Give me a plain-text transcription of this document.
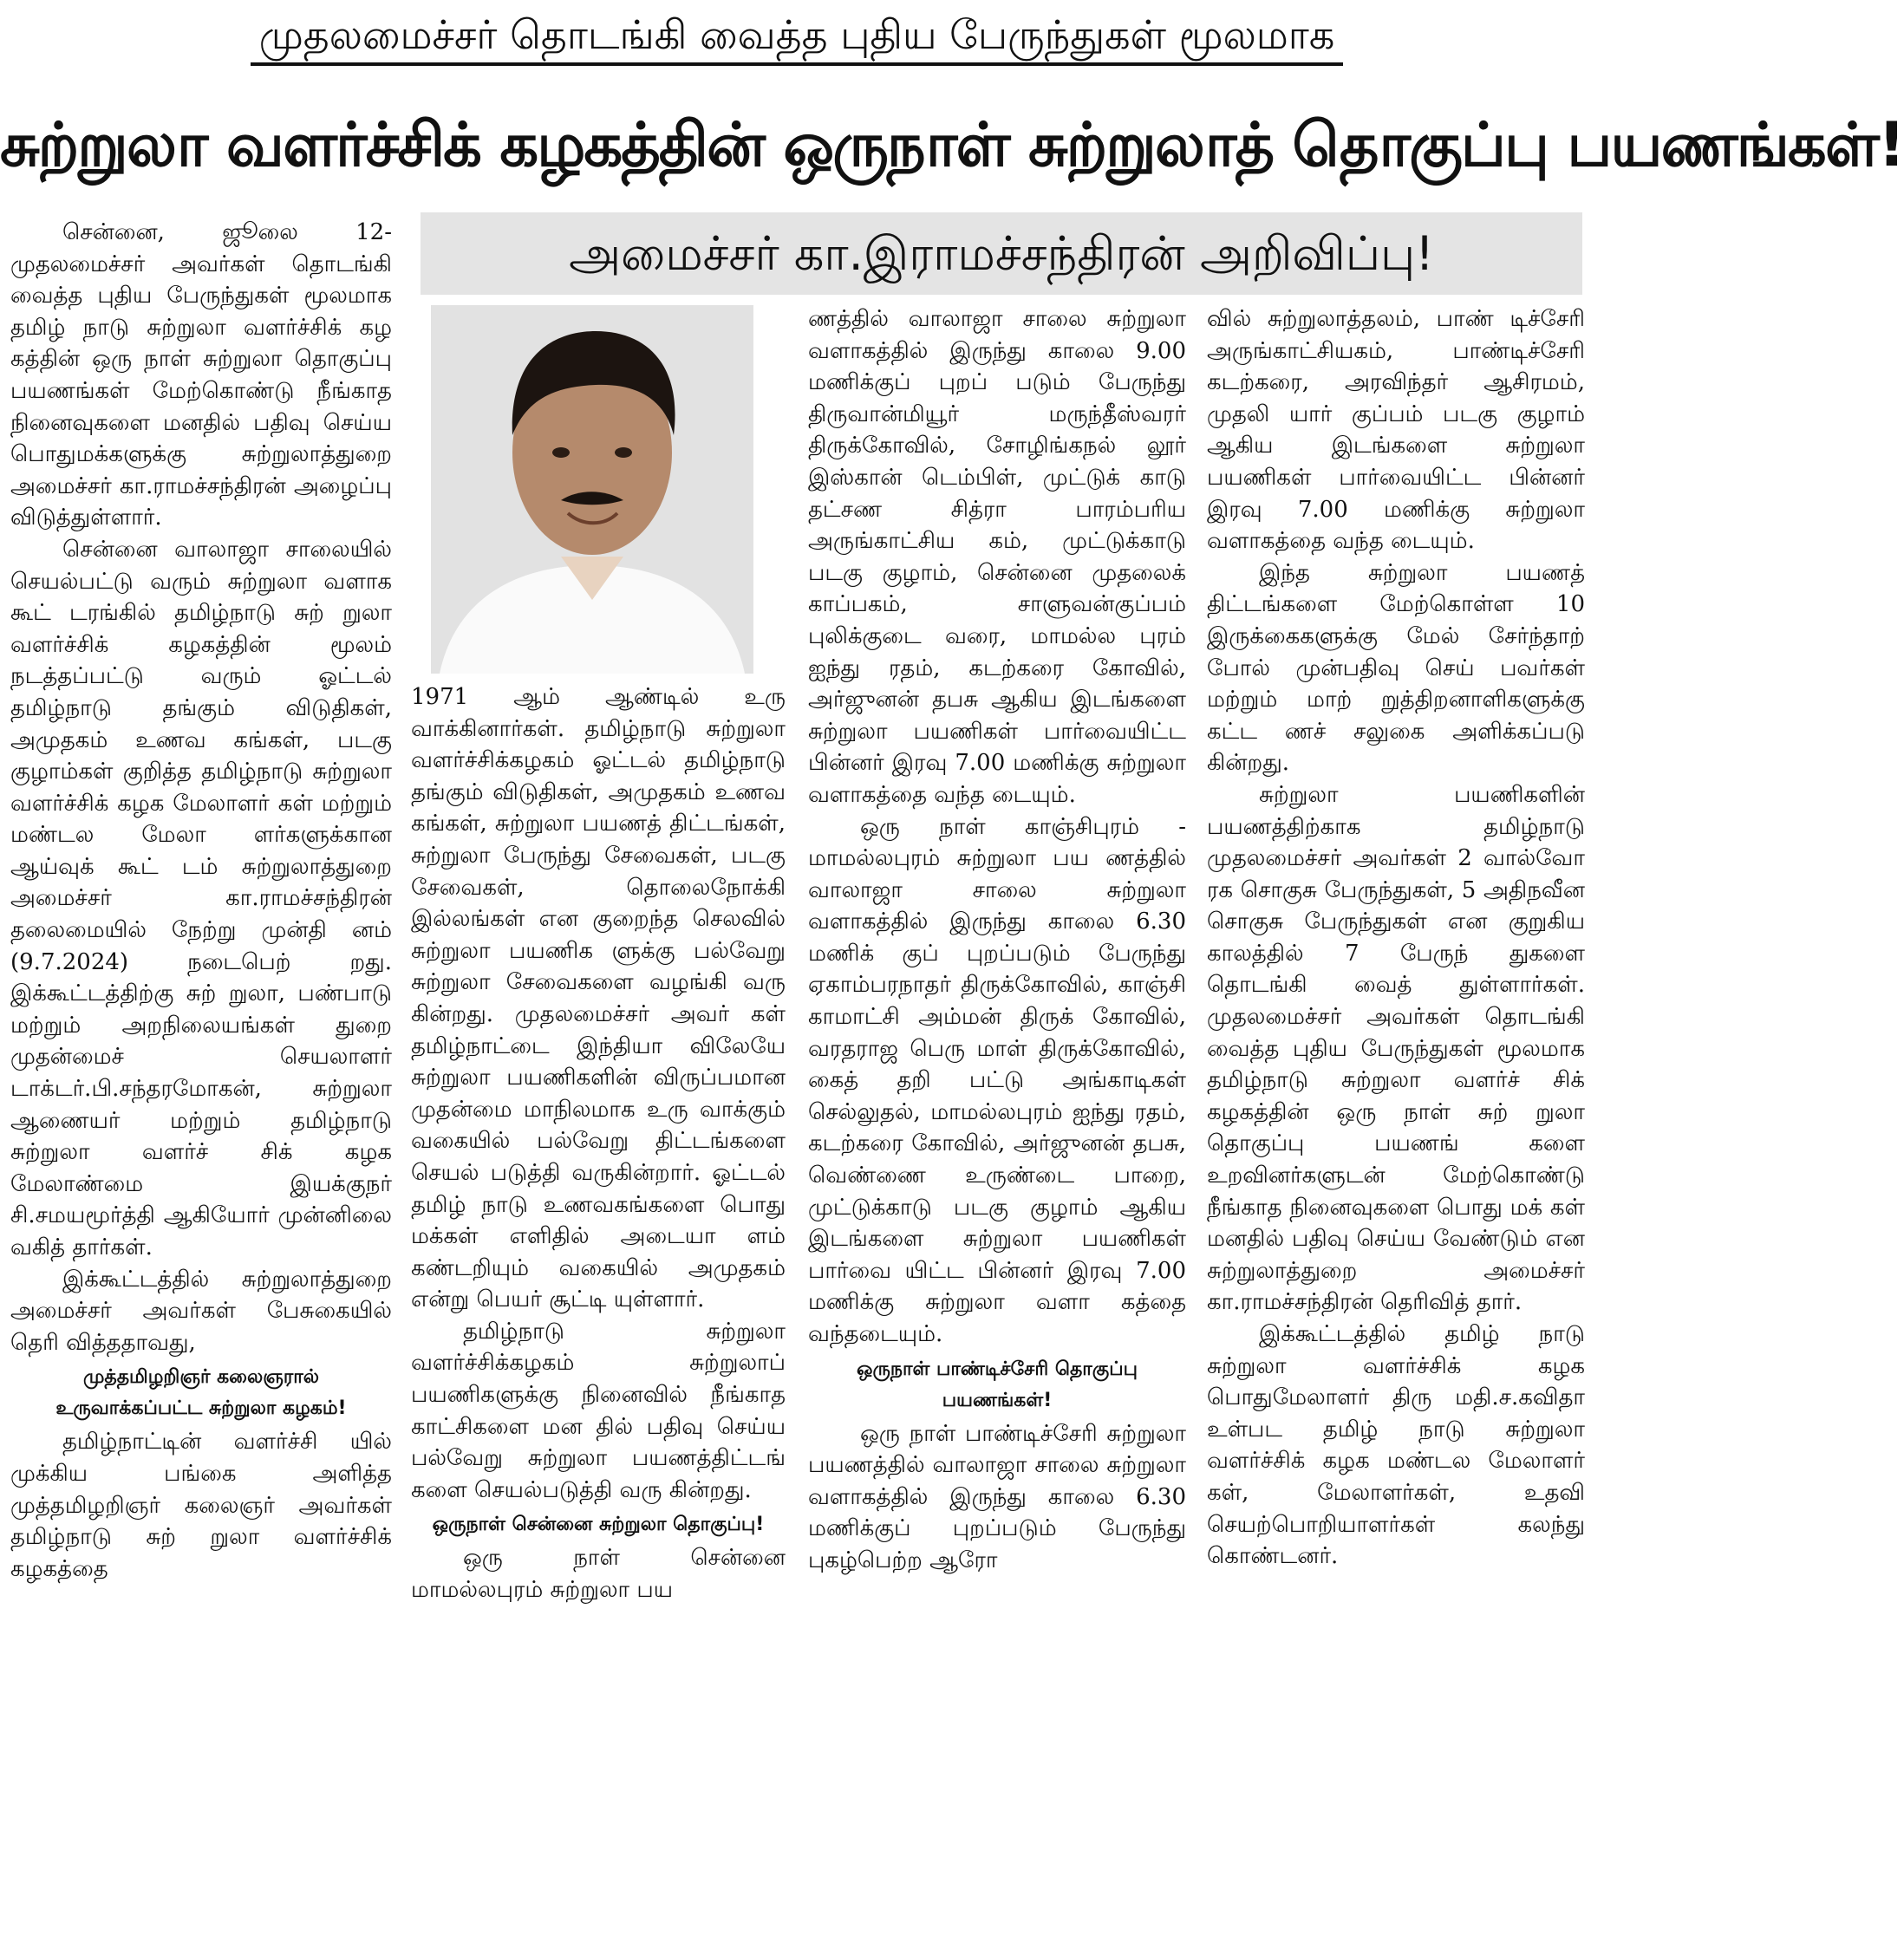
முதலமைச்சர் தொடங்கி வைத்த புதிய பேருந்துகள் மூலமாக
சுற்றுலா வளர்ச்சிக் கழகத்தின் ஒருநாள் சுற்றுலாத் தொகுப்பு பயணங்கள்!
அமைச்சர் கா.இராமச்சந்திரன் அறிவிப்பு!

சென்னை, ஜூலை 12- முதலமைச்சர் அவர்கள் தொடங்கி வைத்த புதிய பேருந்துகள் மூலமாக தமிழ் நாடு சுற்றுலா வளர்ச்சிக் கழ கத்தின் ஒரு நாள் சுற்றுலா தொகுப்பு பயணங்கள் மேற்கொண்டு நீங்காத நினைவுகளை மனதில் பதிவு செய்ய பொதுமக்களுக்கு சுற்றுலாத்துறை அமைச்சர் கா.ராமச்சந்திரன் அழைப்பு விடுத்துள்ளார்.

சென்னை வாலாஜா சாலையில் செயல்பட்டு வரும் சுற்றுலா வளாக கூட் டரங்கில் தமிழ்நாடு சுற் றுலா வளர்ச்சிக் கழகத்தின் மூலம் நடத்தப்பட்டு வரும் ஓட்டல் தமிழ்நாடு தங்கும் விடுதிகள், அமுதகம் உணவ கங்கள், படகு குழாம்கள் குறித்த தமிழ்நாடு சுற்றுலா வளர்ச்சிக் கழக மேலாளர் கள் மற்றும் மண்டல மேலா ளர்களுக்கான ஆய்வுக் கூட் டம் சுற்றுலாத்துறை அமைச்சர் கா.ராமச்சந்திரன் தலைமையில் நேற்று முன்தி னம் (9.7.2024) நடைபெற் றது. இக்கூட்டத்திற்கு சுற் றுலா, பண்பாடு மற்றும் அறநிலையங்கள் துறை முதன்மைச் செயலாளர் டாக்டர்.பி.சந்தரமோகன், சுற்றுலா ஆணையர் மற்றும் தமிழ்நாடு சுற்றுலா வளர்ச் சிக் கழக மேலாண்மை இயக்குநர் சி.சமயமூர்த்தி ஆகியோர் முன்னிலை வகித் தார்கள்.

இக்கூட்டத்தில் சுற்றுலாத்துறை அமைச்சர் அவர்கள் பேசுகையில் தெரி வித்ததாவது,

முத்தமிழறிஞர் கலைஞரால் உருவாக்கப்பட்ட சுற்றுலா கழகம்!

தமிழ்நாட்டின் வளர்ச்சி யில் முக்கிய பங்கை அளித்த முத்தமிழறிஞர் கலைஞர் அவர்கள் தமிழ்நாடு சுற் றுலா வளர்ச்சிக் கழகத்தை

1971 ஆம் ஆண்டில் உரு வாக்கினார்கள். தமிழ்நாடு சுற்றுலா வளர்ச்சிக்கழகம் ஓட்டல் தமிழ்நாடு தங்கும் விடுதிகள், அமுதகம் உணவ கங்கள், சுற்றுலா பயணத் திட்டங்கள், சுற்றுலா பேருந்து சேவைகள், படகு சேவைகள், தொலைநோக்கி இல்லங்கள் என குறைந்த செலவில் சுற்றுலா பயணிக ளுக்கு பல்வேறு சுற்றுலா சேவைகளை வழங்கி வரு கின்றது. முதலமைச்சர் அவர் கள் தமிழ்நாட்டை இந்தியா விலேயே சுற்றுலா பயணிகளின் விருப்பமான முதன்மை மாநிலமாக உரு வாக்கும் வகையில் பல்வேறு திட்டங்களை செயல் படுத்தி வருகின்றார். ஓட்டல் தமிழ் நாடு உணவகங்களை பொது மக்கள் எளிதில் அடையா ளம் கண்டறியும் வகையில் அமுதகம் என்று பெயர் சூட்டி யுள்ளார்.

தமிழ்நாடு சுற்றுலா வளர்ச்சிக்கழகம் சுற்றுலாப் பயணிகளுக்கு நினைவில் நீங்காத காட்சிகளை மன தில் பதிவு செய்ய பல்வேறு சுற்றுலா பயணத்திட்டங் களை செயல்படுத்தி வரு கின்றது.

ஒருநாள் சென்னை சுற்றுலா தொகுப்பு!

ஒரு நாள் சென்னை மாமல்லபுரம் சுற்றுலா பய

ணத்தில் வாலாஜா சாலை சுற்றுலா வளாகத்தில் இருந்து காலை 9.00 மணிக்குப் புறப் படும் பேருந்து திருவான்மியூர் மருந்தீஸ்வரர் திருக்கோவில், சோழிங்கநல் லூர் இஸ்கான் டெம்பிள், முட்டுக் காடு தட்சண சித்ரா பாரம்பரிய அருங்காட்சிய கம், முட்டுக்காடு படகு குழாம், சென்னை முதலைக் காப்பகம், சாளுவன்குப்பம் புலிக்குடை வரை, மாமல்ல புரம் ஐந்து ரதம், கடற்கரை கோவில், அர்ஜுனன் தபசு ஆகிய இடங்களை சுற்றுலா பயணிகள் பார்வையிட்ட பின்னர் இரவு 7.00 மணிக்கு சுற்றுலா வளாகத்தை வந்த டையும்.

ஒரு நாள் காஞ்சிபுரம் - மாமல்லபுரம் சுற்றுலா பய ணத்தில் வாலாஜா சாலை சுற்றுலா வளாகத்தில் இருந்து காலை 6.30 மணிக் குப் புறப்படும் பேருந்து ஏகாம்பரநாதர் திருக்கோவில், காஞ்சி காமாட்சி அம்மன் திருக் கோவில், வரதராஜ பெரு மாள் திருக்கோவில், கைத் தறி பட்டு அங்காடிகள் செல்லுதல், மாமல்லபுரம் ஐந்து ரதம், கடற்கரை கோவில், அர்ஜுனன் தபசு, வெண்ணை உருண்டை பாறை, முட்டுக்காடு படகு குழாம் ஆகிய இடங்களை சுற்றுலா பயணிகள் பார்வை யிட்ட பின்னர் இரவு 7.00 மணிக்கு சுற்றுலா வளா கத்தை வந்தடையும்.

ஒருநாள் பாண்டிச்சேரி தொகுப்பு பயணங்கள்!

ஒரு நாள் பாண்டிச்சேரி சுற்றுலா பயணத்தில் வாலாஜா சாலை சுற்றுலா வளாகத்தில் இருந்து காலை 6.30 மணிக்குப் புறப்படும் பேருந்து புகழ்பெற்ற ஆரோ

வில் சுற்றுலாத்தலம், பாண் டிச்சேரி அருங்காட்சியகம், பாண்டிச்சேரி கடற்கரை, அரவிந்தர் ஆசிரமம், முதலி யார் குப்பம் படகு குழாம் ஆகிய இடங்களை சுற்றுலா பயணிகள் பார்வையிட்ட பின்னர் இரவு 7.00 மணிக்கு சுற்றுலா வளாகத்தை வந்த டையும்.

இந்த சுற்றுலா பயணத் திட்டங்களை மேற்கொள்ள 10 இருக்கைகளுக்கு மேல் சேர்ந்தாற் போல் முன்பதிவு செய் பவர்கள் மற்றும் மாற் றுத்திறனாளிகளுக்கு கட்ட ணச் சலுகை அளிக்கப்படு கின்றது.

சுற்றுலா பயணிகளின் பயணத்திற்காக தமிழ்நாடு முதலமைச்சர் அவர்கள் 2 வால்வோ ரக சொகுசு பேருந்துகள், 5 அதிநவீன சொகுசு பேருந்துகள் என குறுகிய காலத்தில் 7 பேருந் துகளை தொடங்கி வைத் துள்ளார்கள். முதலமைச்சர் அவர்கள் தொடங்கி வைத்த புதிய பேருந்துகள் மூலமாக தமிழ்நாடு சுற்றுலா வளர்ச் சிக் கழகத்தின் ஒரு நாள் சுற் றுலா தொகுப்பு பயணங் களை உறவினர்களுடன் மேற்கொண்டு நீங்காத நினைவுகளை பொது மக் கள் மனதில் பதிவு செய்ய வேண்டும் என சுற்றுலாத்துறை அமைச்சர் கா.ராமச்சந்திரன் தெரிவித் தார்.

இக்கூட்டத்தில் தமிழ் நாடு சுற்றுலா வளர்ச்சிக் கழக பொதுமேலாளர் திரு மதி.ச.கவிதா உள்பட தமிழ் நாடு சுற்றுலா வளர்ச்சிக் கழக மண்டல மேலாளர் கள், மேலாளர்கள், உதவி செயற்பொறியாளர்கள் கலந்து கொண்டனர்.
